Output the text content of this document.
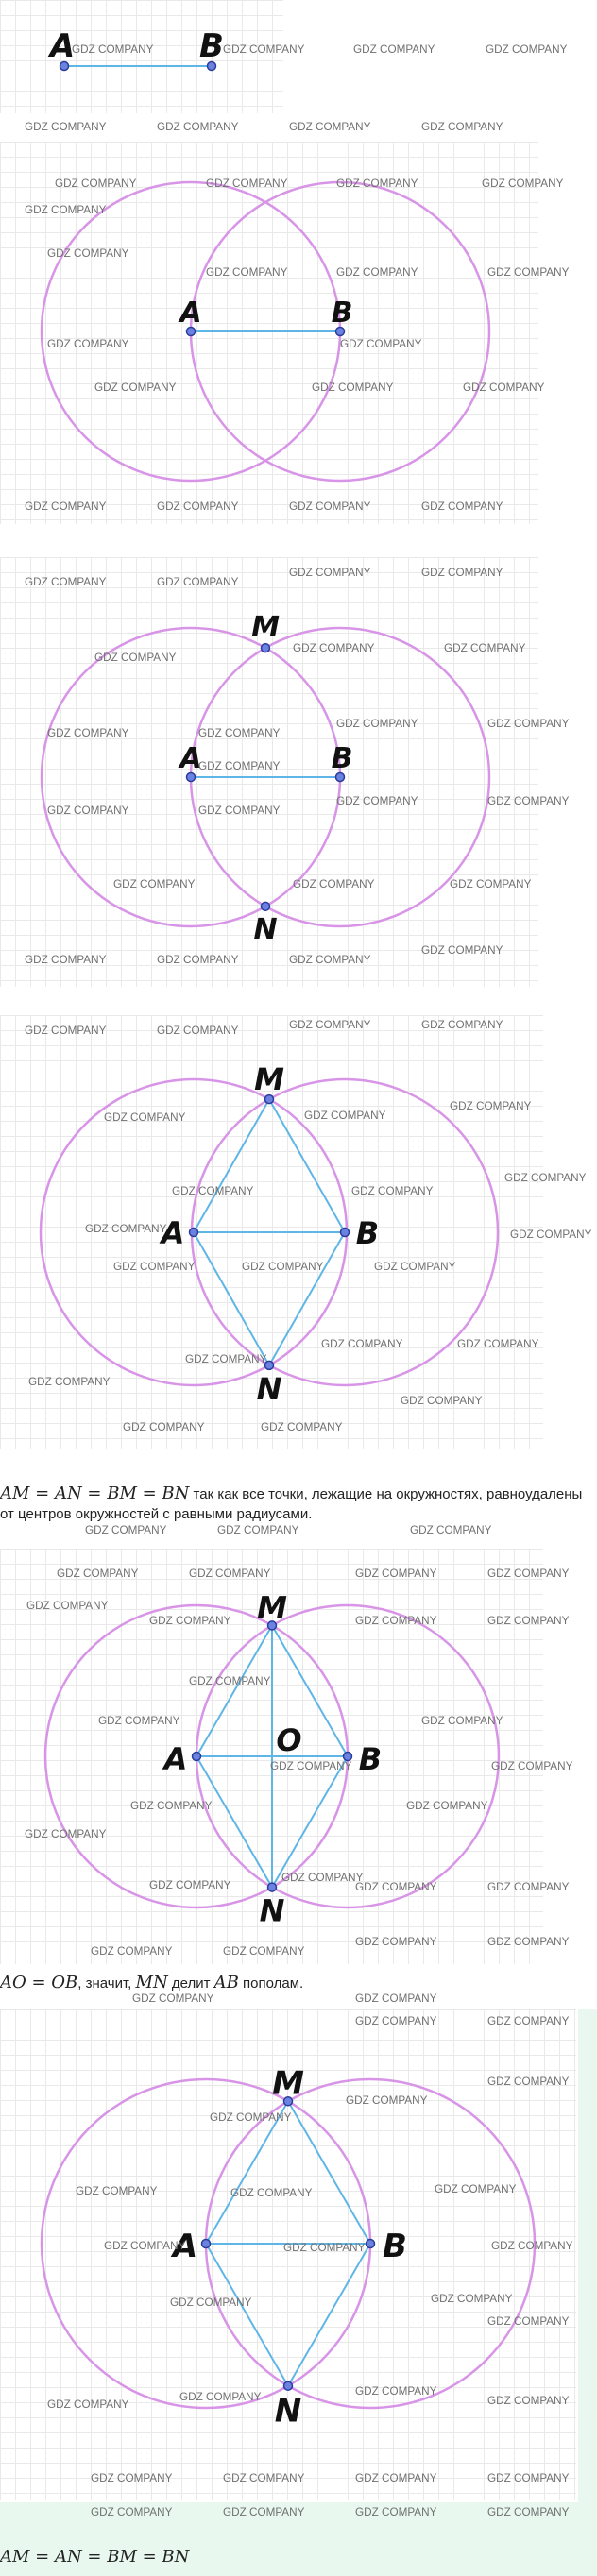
A	B
GDZ COMPANY	GDZ COMPANY	GDZ COMPANY	GDZ COMPANY
GDZ COMPANY	GDZ COMPANY	GDZ COMPANY	GDZ COMPANY
A	B
GDZ COMPANY
GDZ COMPANY	GDZ COMPANY	GDZ COMPANY	GDZ COMPANY
GDZ COMPANY
GDZ COMPANY	GDZ COMPANY	GDZ COMPANY
GDZ COMPANY	GDZ COMPANY
GDZ COMPANY	GDZ COMPANY	GDZ COMPANY
GDZ COMPANY	GDZ COMPANY	GDZ COMPANY	GDZ COMPANY
A	B
M
N
GDZ COMPANY	GDZ COMPANY
GDZ COMPANY	GDZ COMPANY
GDZ COMPANY
GDZ COMPANY	GDZ COMPANY
GDZ COMPANY	GDZ COMPANY
GDZ COMPANY	GDZ COMPANY
GDZ COMPANY
GDZ COMPANY	GDZ COMPANY
GDZ COMPANY	GDZ COMPANY
GDZ COMPANY	GDZ COMPANY	GDZ COMPANY
GDZ COMPANY	GDZ COMPANY	GDZ COMPANY
GDZ COMPANY
A	B
M
N
GDZ COMPANY	GDZ COMPANY	GDZ COMPANY	GDZ COMPANY
GDZ COMPANY	GDZ COMPANY
GDZ COMPANY
GDZ COMPANY	GDZ COMPANY
GDZ COMPANY
GDZ COMPANY
GDZ COMPANY	GDZ COMPANY	GDZ COMPANY
GDZ COMPANY
GDZ COMPANY
GDZ COMPANY	GDZ COMPANY
GDZ COMPANY
GDZ COMPANY
GDZ COMPANY	GDZ COMPANY
AM = AN = BM = BN так как все точки, лежащие на окружностях, равноудалены от центров окружностей с равными радиусами.
GDZ COMPANY	GDZ COMPANY	GDZ COMPANY
A	B
M
N
O
GDZ COMPANY	GDZ COMPANY	GDZ COMPANY	GDZ COMPANY
GDZ COMPANY
GDZ COMPANY	GDZ COMPANY	GDZ COMPANY
GDZ COMPANY
GDZ COMPANY	GDZ COMPANY
GDZ COMPANY	GDZ COMPANY
GDZ COMPANY	GDZ COMPANY
GDZ COMPANY
GDZ COMPANY
GDZ COMPANY
GDZ COMPANY	GDZ COMPANY
GDZ COMPANY	GDZ COMPANY
GDZ COMPANY	GDZ COMPANY
AO = OB, значит, MN делит AB пополам.
GDZ COMPANY	GDZ COMPANY
A	B
M
N
GDZ COMPANY	GDZ COMPANY
GDZ COMPANY
GDZ COMPANY
GDZ COMPANY
GDZ COMPANY	GDZ COMPANY	GDZ COMPANY
GDZ COMPANY
GDZ COMPANY	GDZ COMPANY
GDZ COMPANY	GDZ COMPANY
GDZ COMPANY
GDZ COMPANY
GDZ COMPANY	GDZ COMPANY
GDZ COMPANY
GDZ COMPANY	GDZ COMPANY	GDZ COMPANY	GDZ COMPANY
GDZ COMPANY	GDZ COMPANY	GDZ COMPANY	GDZ COMPANY
AM = AN = BM = BN
